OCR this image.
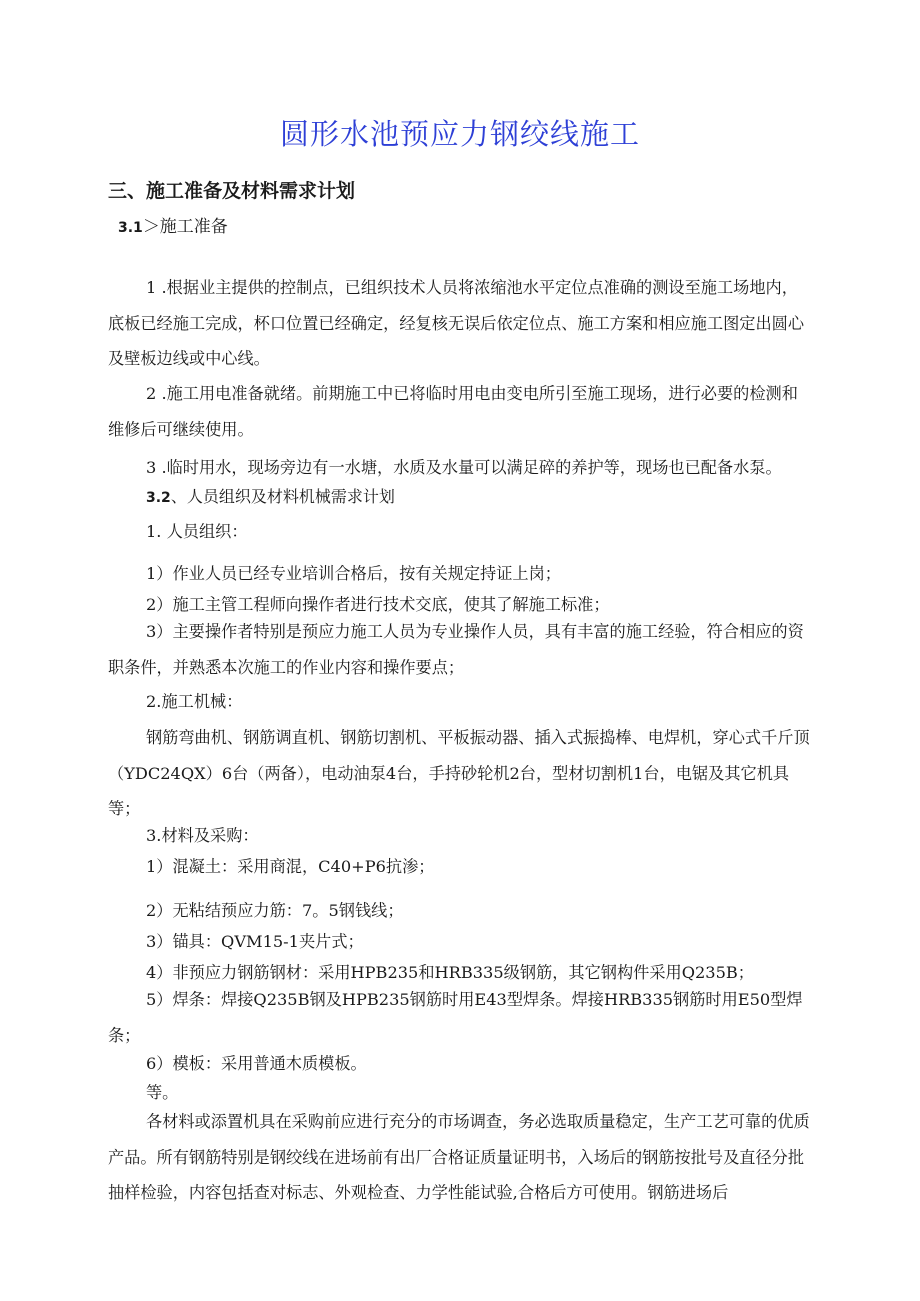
圆形水池预应力钢绞线施工
三、施工准备及材料需求计划
3.1＞施工准备
1 .根据业主提供的控制点，已组织技术人员将浓缩池水平定位点准确的测设至施工场地内，底板已经施工完成，杯口位置已经确定，经复核无误后依定位点、施工方案和相应施工图定出圆心及壁板边线或中心线。
2 .施工用电准备就绪。前期施工中已将临时用电由变电所引至施工现场，进行必要的检测和维修后可继续使用。
3 .临时用水，现场旁边有一水塘，水质及水量可以满足碎的养护等，现场也已配备水泵。
3.2、人员组织及材料机械需求计划
1. 人员组织：
1）作业人员已经专业培训合格后，按有关规定持证上岗；
2）施工主管工程师向操作者进行技术交底，使其了解施工标准；
3）主要操作者特别是预应力施工人员为专业操作人员，具有丰富的施工经验，符合相应的资职条件，并熟悉本次施工的作业内容和操作要点；
2.施工机械：
钢筋弯曲机、钢筋调直机、钢筋切割机、平板振动器、插入式振捣棒、电焊机，穿心式千斤顶（YDC24QX）6台（两备），电动油泵4台，手持砂轮机2台，型材切割机1台，电锯及其它机具等；
3.材料及采购：
1）混凝土：采用商混，C40+P6抗渗；
2）无粘结预应力筋：7。5钢钱线；
3）锚具：QVM15-1夹片式；
4）非预应力钢筋钢材：采用HPB235和HRB335级钢筋，其它钢构件采用Q235B；
5）焊条：焊接Q235B钢及HPB235钢筋时用E43型焊条。焊接HRB335钢筋时用E50型焊条；
6）模板：采用普通木质模板。
等。
各材料或添置机具在采购前应进行充分的市场调查，务必选取质量稳定，生产工艺可靠的优质产品。所有钢筋特别是钢绞线在进场前有出厂合格证质量证明书，入场后的钢筋按批号及直径分批抽样检验，内容包括查对标志、外观检查、力学性能试验,合格后方可使用。钢筋进场后
